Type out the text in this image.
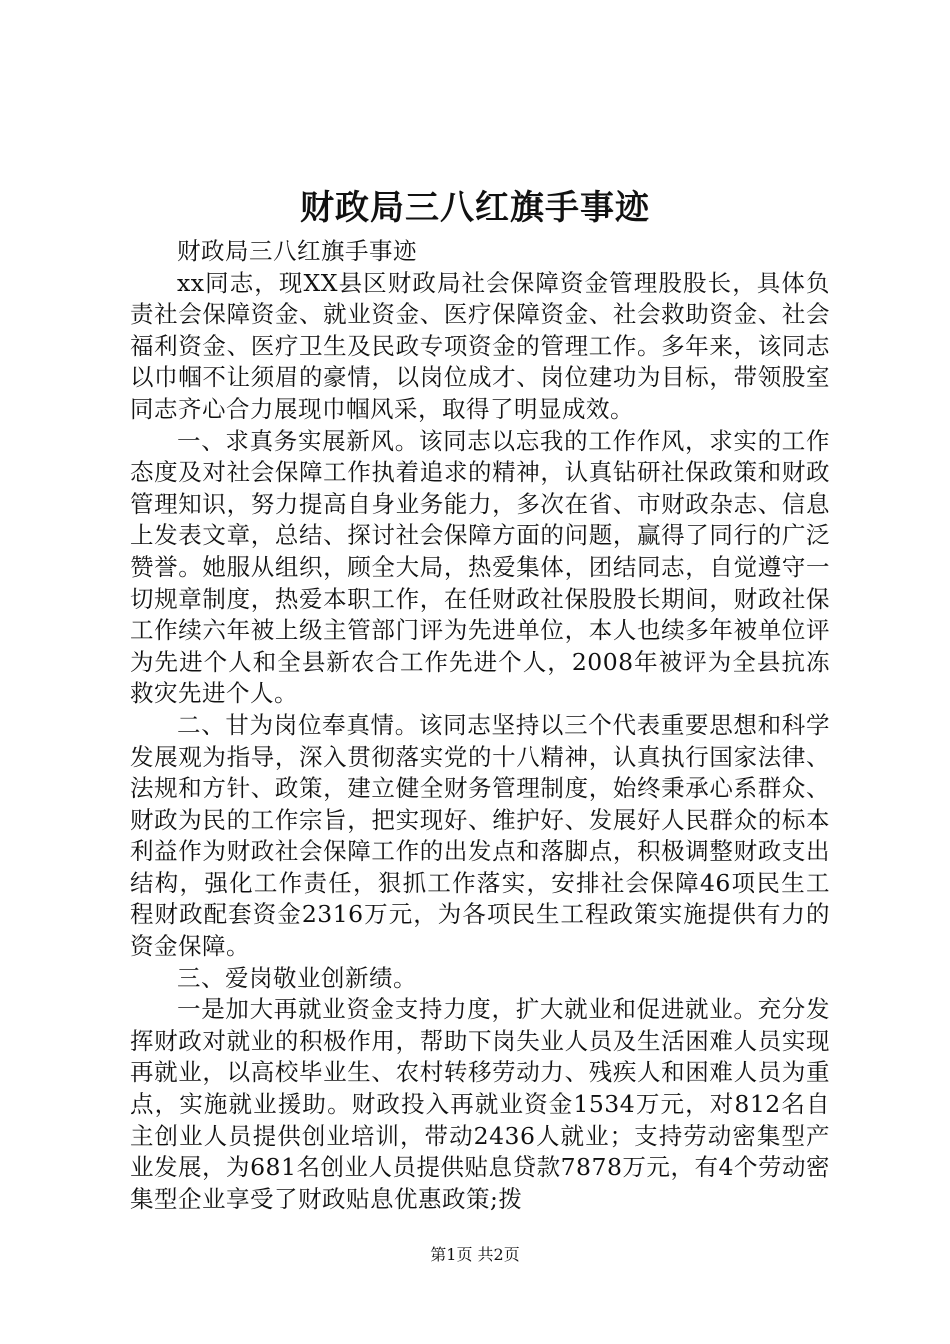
财政局三八红旗手事迹

财政局三八红旗手事迹

xx同志，现XX县区财政局社会保障资金管理股股长，具体负责社会保障资金、就业资金、医疗保障资金、社会救助资金、社会福利资金、医疗卫生及民政专项资金的管理工作。多年来，该同志以巾帼不让须眉的豪情，以岗位成才、岗位建功为目标，带领股室同志齐心合力展现巾帼风采，取得了明显成效。

一、求真务实展新风。该同志以忘我的工作作风，求实的工作态度及对社会保障工作执着追求的精神，认真钻研社保政策和财政管理知识，努力提高自身业务能力，多次在省、市财政杂志、信息上发表文章，总结、探讨社会保障方面的问题，赢得了同行的广泛赞誉。她服从组织，顾全大局，热爱集体，团结同志，自觉遵守一切规章制度，热爱本职工作，在任财政社保股股长期间，财政社保工作续六年被上级主管部门评为先进单位，本人也续多年被单位评为先进个人和全县新农合工作先进个人，2008年被评为全县抗冻救灾先进个人。

二、甘为岗位奉真情。该同志坚持以三个代表重要思想和科学发展观为指导，深入贯彻落实党的十八精神，认真执行国家法律、法规和方针、政策，建立健全财务管理制度，始终秉承心系群众、财政为民的工作宗旨，把实现好、维护好、发展好人民群众的标本利益作为财政社会保障工作的出发点和落脚点，积极调整财政支出结构，强化工作责任，狠抓工作落实，安排社会保障46项民生工程财政配套资金2316万元，为各项民生工程政策实施提供有力的资金保障。

三、爱岗敬业创新绩。

一是加大再就业资金支持力度，扩大就业和促进就业。充分发挥财政对就业的积极作用，帮助下岗失业人员及生活困难人员实现再就业，以高校毕业生、农村转移劳动力、残疾人和困难人员为重点，实施就业援助。财政投入再就业资金1534万元，对812名自主创业人员提供创业培训，带动2436人就业；支持劳动密集型产业发展，为681名创业人员提供贴息贷款7878万元，有4个劳动密集型企业享受了财政贴息优惠政策;拨

第1页 共2页
